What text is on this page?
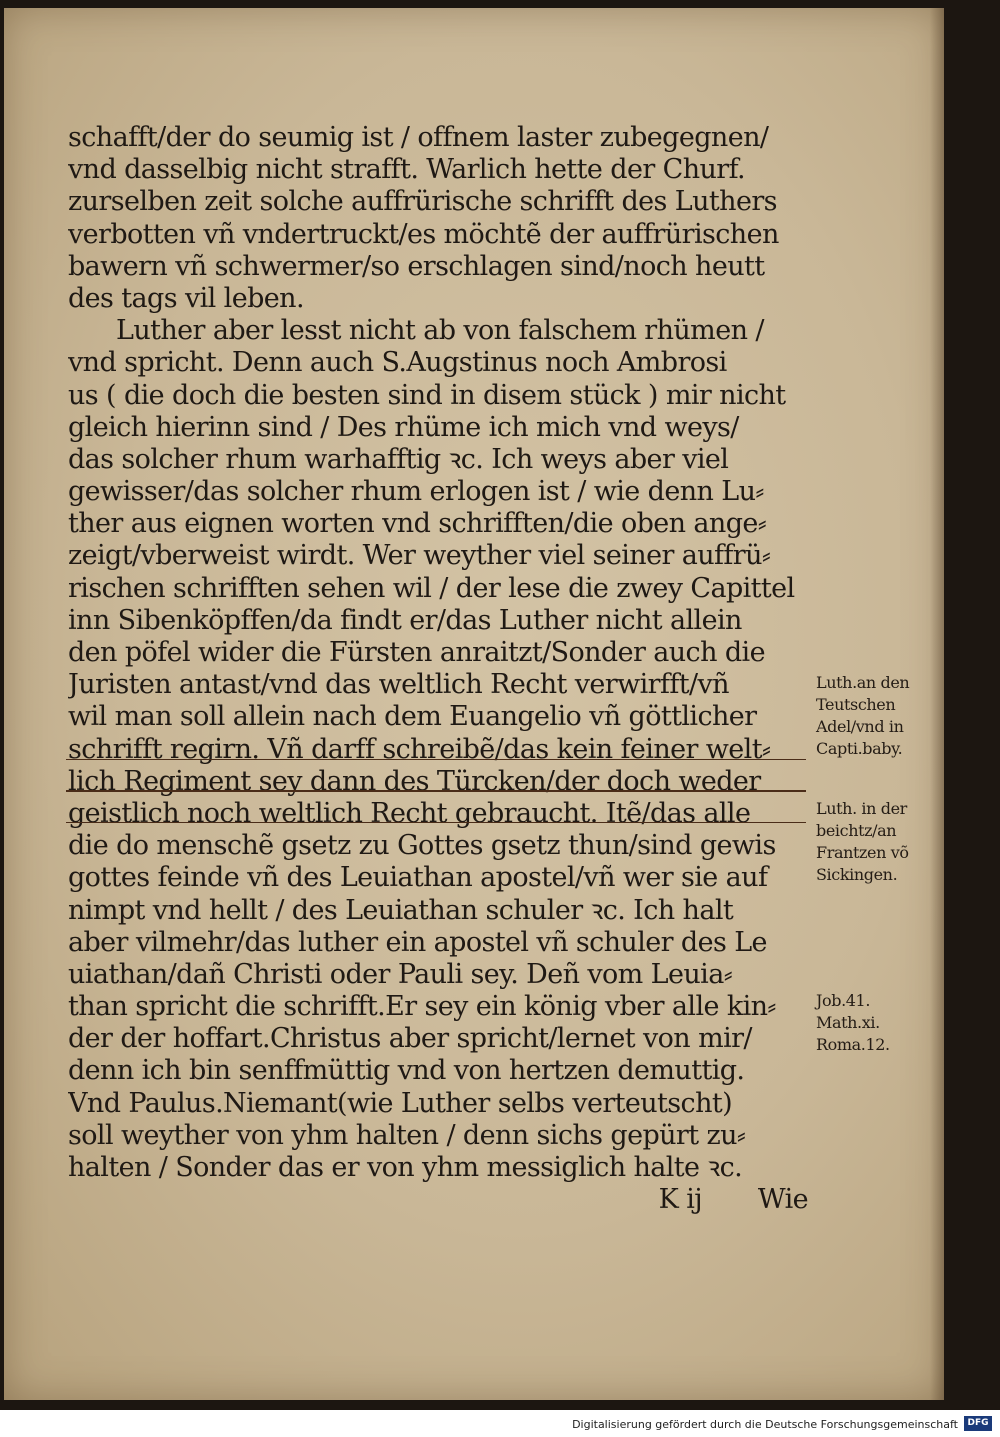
schafft/der do seumig ist / offnem laster zubegegnen/
vnd dasselbig nicht strafft. Warlich hette der Churf.
zurselben zeit solche auffrürische schrifft des Luthers
verbotten vñ vndertruckt/es möchtẽ der auffrürischen
bawern vñ schwermer/so erschlagen sind/noch heutt
des tags vil leben.
Luther aber lesst nicht ab von falschem rhümen /
vnd spricht. Denn auch S.Augstinus noch Ambrosi
us ( die doch die besten sind in disem stück ) mir nicht
gleich hierinn sind / Des rhüme ich mich vnd weys/
das solcher rhum warhafftig ꝛc. Ich weys aber viel
gewisser/das solcher rhum erlogen ist / wie denn Lu⸗
ther aus eignen worten vnd schrifften/die oben ange⸗
zeigt/vberweist wirdt. Wer weyther viel seiner auffrü⸗
rischen schrifften sehen wil / der lese die zwey Capittel
inn Sibenköpffen/da findt er/das Luther nicht allein
den pöfel wider die Fürsten anraitzt/Sonder auch die
Juristen antast/vnd das weltlich Recht verwirfft/vñ
wil man soll allein nach dem Euangelio vñ göttlicher
schrifft regirn. Vñ darff schreibẽ/das kein feiner welt⸗
lich Regiment sey dann des Türcken/der doch weder
geistlich noch weltlich Recht gebraucht. Itẽ/das alle
die do menschẽ gsetz zu Gottes gsetz thun/sind gewis
gottes feinde vñ des Leuiathan apostel/vñ wer sie auf
nimpt vnd hellt / des Leuiathan schuler ꝛc. Ich halt
aber vilmehr/das luther ein apostel vñ schuler des Le
uiathan/dañ Christi oder Pauli sey. Deñ vom Leuia⸗
than spricht die schrifft.Er sey ein könig vber alle kin⸗
der der hoffart.Christus aber spricht/lernet von mir/
denn ich bin senffmüttig vnd von hertzen demuttig.
Vnd Paulus.Niemant(wie Luther selbs verteutscht)
soll weyther von yhm halten / denn sichs gepürt zu⸗
halten / Sonder das er von yhm messiglich halte ꝛc.
K ij       Wie
Luth.an den
Teutschen
Adel/vnd in
Capti.baby.
Luth. in der
beichtz/an
Frantzen võ
Sickingen.
Job.41.
Math.xi.
Roma.12.
Digitalisierung gefördert durch die Deutsche Forschungsgemeinschaft	DFG
